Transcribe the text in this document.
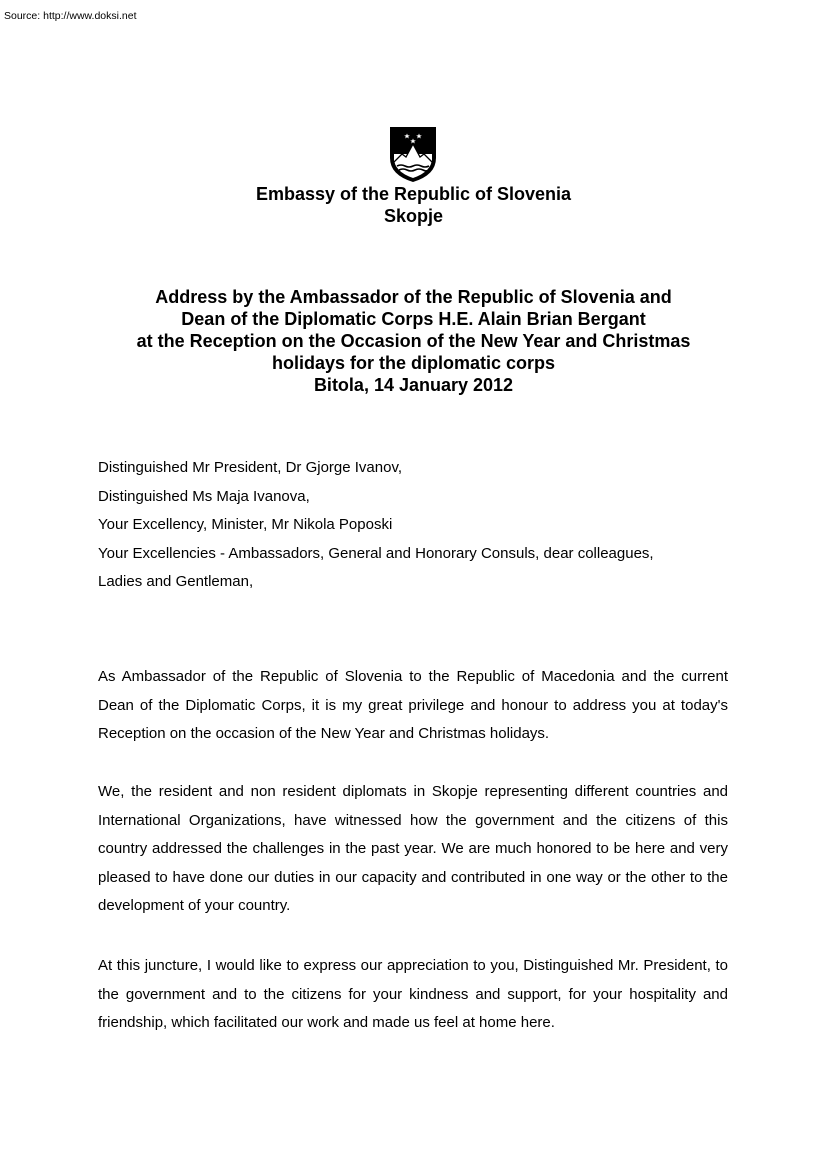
Source: http://www.doksi.net
Embassy of the Republic of Slovenia
Skopje
Address by the Ambassador of the Republic of Slovenia and
Dean of the Diplomatic Corps H.E. Alain Brian Bergant
at the Reception on the Occasion of the New Year and Christmas
holidays for the diplomatic corps
Bitola, 14 January 2012
Distinguished Mr President, Dr Gjorge Ivanov,
Distinguished Ms Maja Ivanova,
Your Excellency, Minister, Mr Nikola Poposki
Your Excellencies - Ambassadors, General and Honorary Consuls, dear colleagues,
Ladies and Gentleman,

As Ambassador of the Republic of Slovenia to the Republic of Macedonia and the current Dean of the Diplomatic Corps, it is my great privilege and honour to address you at today's Reception on the occasion of the New Year and Christmas holidays.

We, the resident and non resident diplomats in Skopje representing different countries and International Organizations, have witnessed how the government and the citizens of this country addressed the challenges in the past year. We are much honored to be here and very pleased to have done our duties in our capacity and contributed in one way or the other to the development of your country.

At this juncture, I would like to express our appreciation to you, Distinguished Mr. President, to the government and to the citizens for your kindness and support, for your hospitality and friendship, which facilitated our work and made us feel at home here.
